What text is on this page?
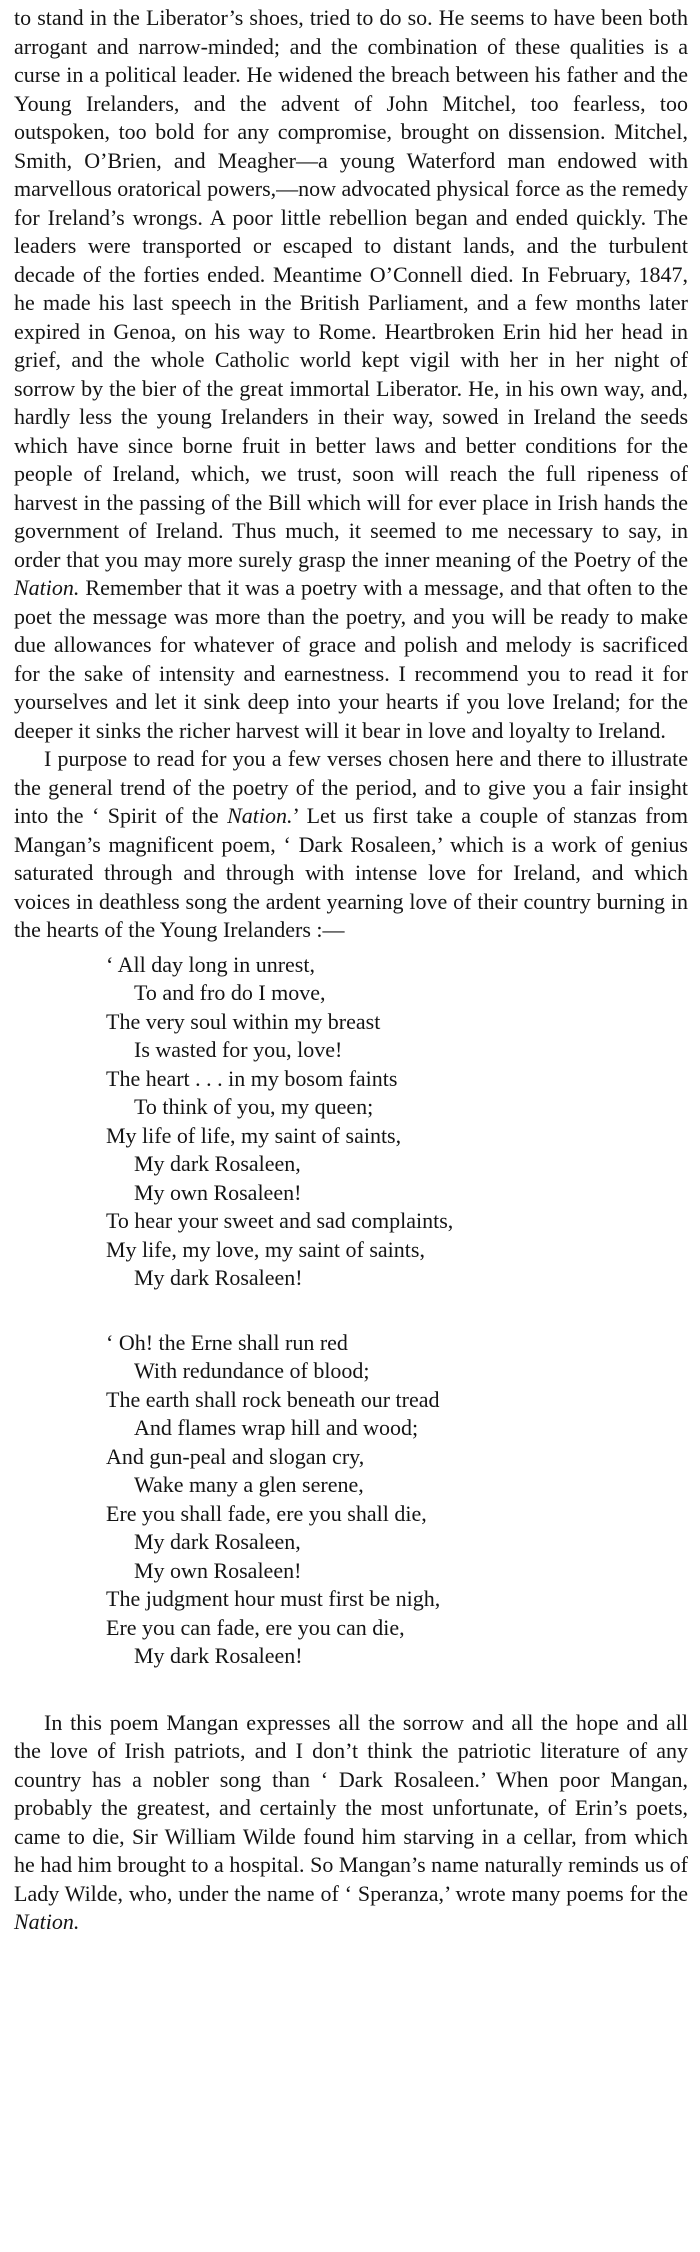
to stand in the Liberator’s shoes, tried to do so. He seems to have been both arrogant and narrow-minded; and the combination of these qualities is a curse in a political leader. He widened the breach between his father and the Young Irelanders, and the advent of John Mitchel, too fearless, too outspoken, too bold for any compromise, brought on dissension. Mitchel, Smith, O’Brien, and Meagher—a young Waterford man endowed with marvellous oratorical powers,—now advocated physical force as the remedy for Ireland’s wrongs. A poor little rebellion began and ended quickly. The leaders were transported or escaped to distant lands, and the turbulent decade of the forties ended. Meantime O’Connell died. In February, 1847, he made his last speech in the British Parliament, and a few months later expired in Genoa, on his way to Rome. Heartbroken Erin hid her head in grief, and the whole Catholic world kept vigil with her in her night of sorrow by the bier of the great immortal Liberator. He, in his own way, and, hardly less the young Irelanders in their way, sowed in Ireland the seeds which have since borne fruit in better laws and better conditions for the people of Ireland, which, we trust, soon will reach the full ripeness of harvest in the passing of the Bill which will for ever place in Irish hands the government of Ireland. Thus much, it seemed to me necessary to say, in order that you may more surely grasp the inner meaning of the Poetry of the Nation. Remember that it was a poetry with a message, and that often to the poet the message was more than the poetry, and you will be ready to make due allowances for whatever of grace and polish and melody is sacrificed for the sake of intensity and earnestness. I recommend you to read it for yourselves and let it sink deep into your hearts if you love Ireland; for the deeper it sinks the richer harvest will it bear in love and loyalty to Ireland.

I purpose to read for you a few verses chosen here and there to illustrate the general trend of the poetry of the period, and to give you a fair insight into the ‘ Spirit of the Nation.’ Let us first take a couple of stanzas from Mangan’s magnificent poem, ‘ Dark Rosaleen,’ which is a work of genius saturated through and through with intense love for Ireland, and which voices in deathless song the ardent yearning love of their country burning in the hearts of the Young Irelanders :—

‘ All day long in unrest,
To and fro do I move,
The very soul within my breast
Is wasted for you, love!
The heart . . . in my bosom faints
To think of you, my queen;
My life of life, my saint of saints,
My dark Rosaleen,
My own Rosaleen!
To hear your sweet and sad complaints,
My life, my love, my saint of saints,
My dark Rosaleen!
‘ Oh! the Erne shall run red
With redundance of blood;
The earth shall rock beneath our tread
And flames wrap hill and wood;
And gun-peal and slogan cry,
Wake many a glen serene,
Ere you shall fade, ere you shall die,
My dark Rosaleen,
My own Rosaleen!
The judgment hour must first be nigh,
Ere you can fade, ere you can die,
My dark Rosaleen!

In this poem Mangan expresses all the sorrow and all the hope and all the love of Irish patriots, and I don’t think the patriotic literature of any country has a nobler song than ‘ Dark Rosaleen.’ When poor Mangan, probably the greatest, and certainly the most unfortunate, of Erin’s poets, came to die, Sir William Wilde found him starving in a cellar, from which he had him brought to a hospital. So Mangan’s name naturally reminds us of Lady Wilde, who, under the name of ‘ Speranza,’ wrote many poems for the Nation.
